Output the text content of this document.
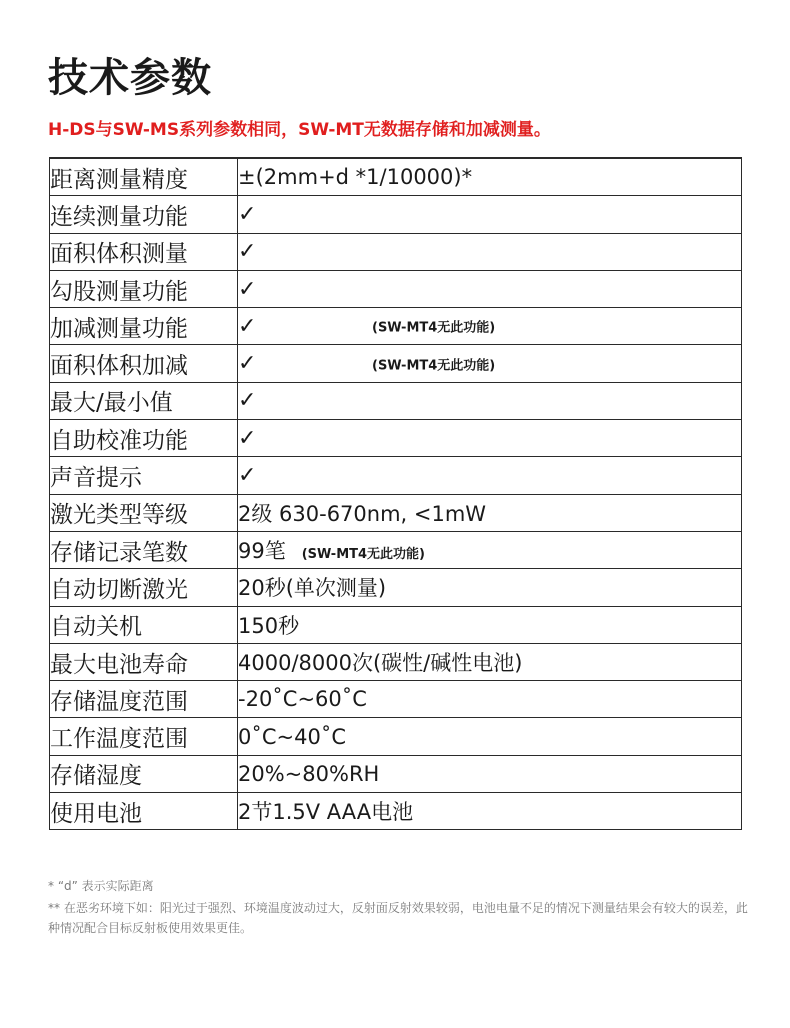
技术参数
H-DS与SW-MS系列参数相同，SW-MT无数据存储和加减测量。
距离测量精度	±(2mm+d *1/10000)*
连续测量功能	✓
面积体积测量	✓
勾股测量功能	✓
加减测量功能	✓ (SW-MT4无此功能)

面积体积加减	✓ (SW-MT4无此功能)

最大/最小值	✓
自助校准功能	✓
声音提示	✓
激光类型等级	2级 630-670nm, <1mW
存储记录笔数	99笔 (SW-MT4无此功能)
自动切断激光	20秒(单次测量)
自动关机	150秒
最大电池寿命	4000/8000次(碳性/碱性电池)
存储温度范围	-20˚C~60˚C
工作温度范围	0˚C~40˚C
存储湿度	20%~80%RH
使用电池	2节1.5V AAA电池
* “d” 表示实际距离
** 在恶劣环境下如：阳光过于强烈、环境温度波动过大，反射面反射效果较弱，电池电量不足的情况下测量结果会有较大的误差，此种情况配合目标反射板使用效果更佳。
